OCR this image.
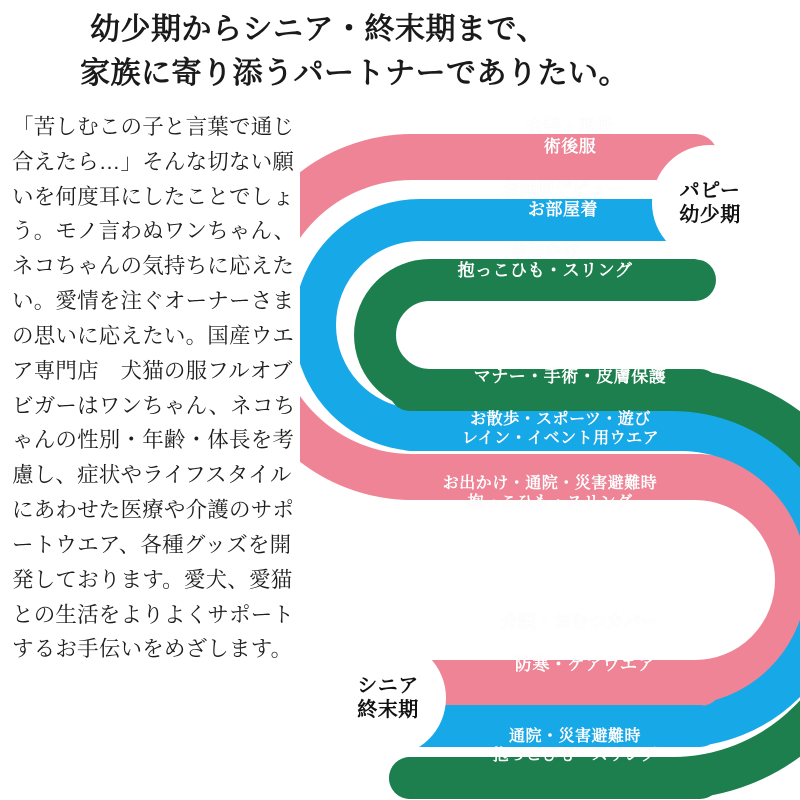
幼少期からシニア・終末期まで、
家族に寄り添うパートナーでありたい。
「苦しむこの子と言葉で通じ合えたら…」そんな切ない願いを何度耳にしたことでしょう。モノ言わぬワンちゃん、ネコちゃんの気持ちに応えたい。愛情を注ぐオーナーさまの思いに応えたい。国産ウエア専門店　犬猫の服フルオブビガーはワンちゃん、ネコちゃんの性別・年齢・体長を考慮し、症状やライフスタイルにあわせた医療や介護のサポートウエア、各種グッズを開発しております。愛犬、愛猫との生活をよりよくサポートするお手伝いをめざします。
去勢・避妊
術後服
お洋服デビュー
お部屋着
お出かけ
抱っこひも・スリング
マナー・手術・皮膚保護
お散歩・スポーツ・遊び
レイン・イベント用ウエア
お出かけ・通院・災害避難時
抱っこひも・スリング
介護・おむつカバー
防寒・ケアウエア
通院・災害避難時
抱っこひも・スリング
パピー
幼少期
シニア
終末期
